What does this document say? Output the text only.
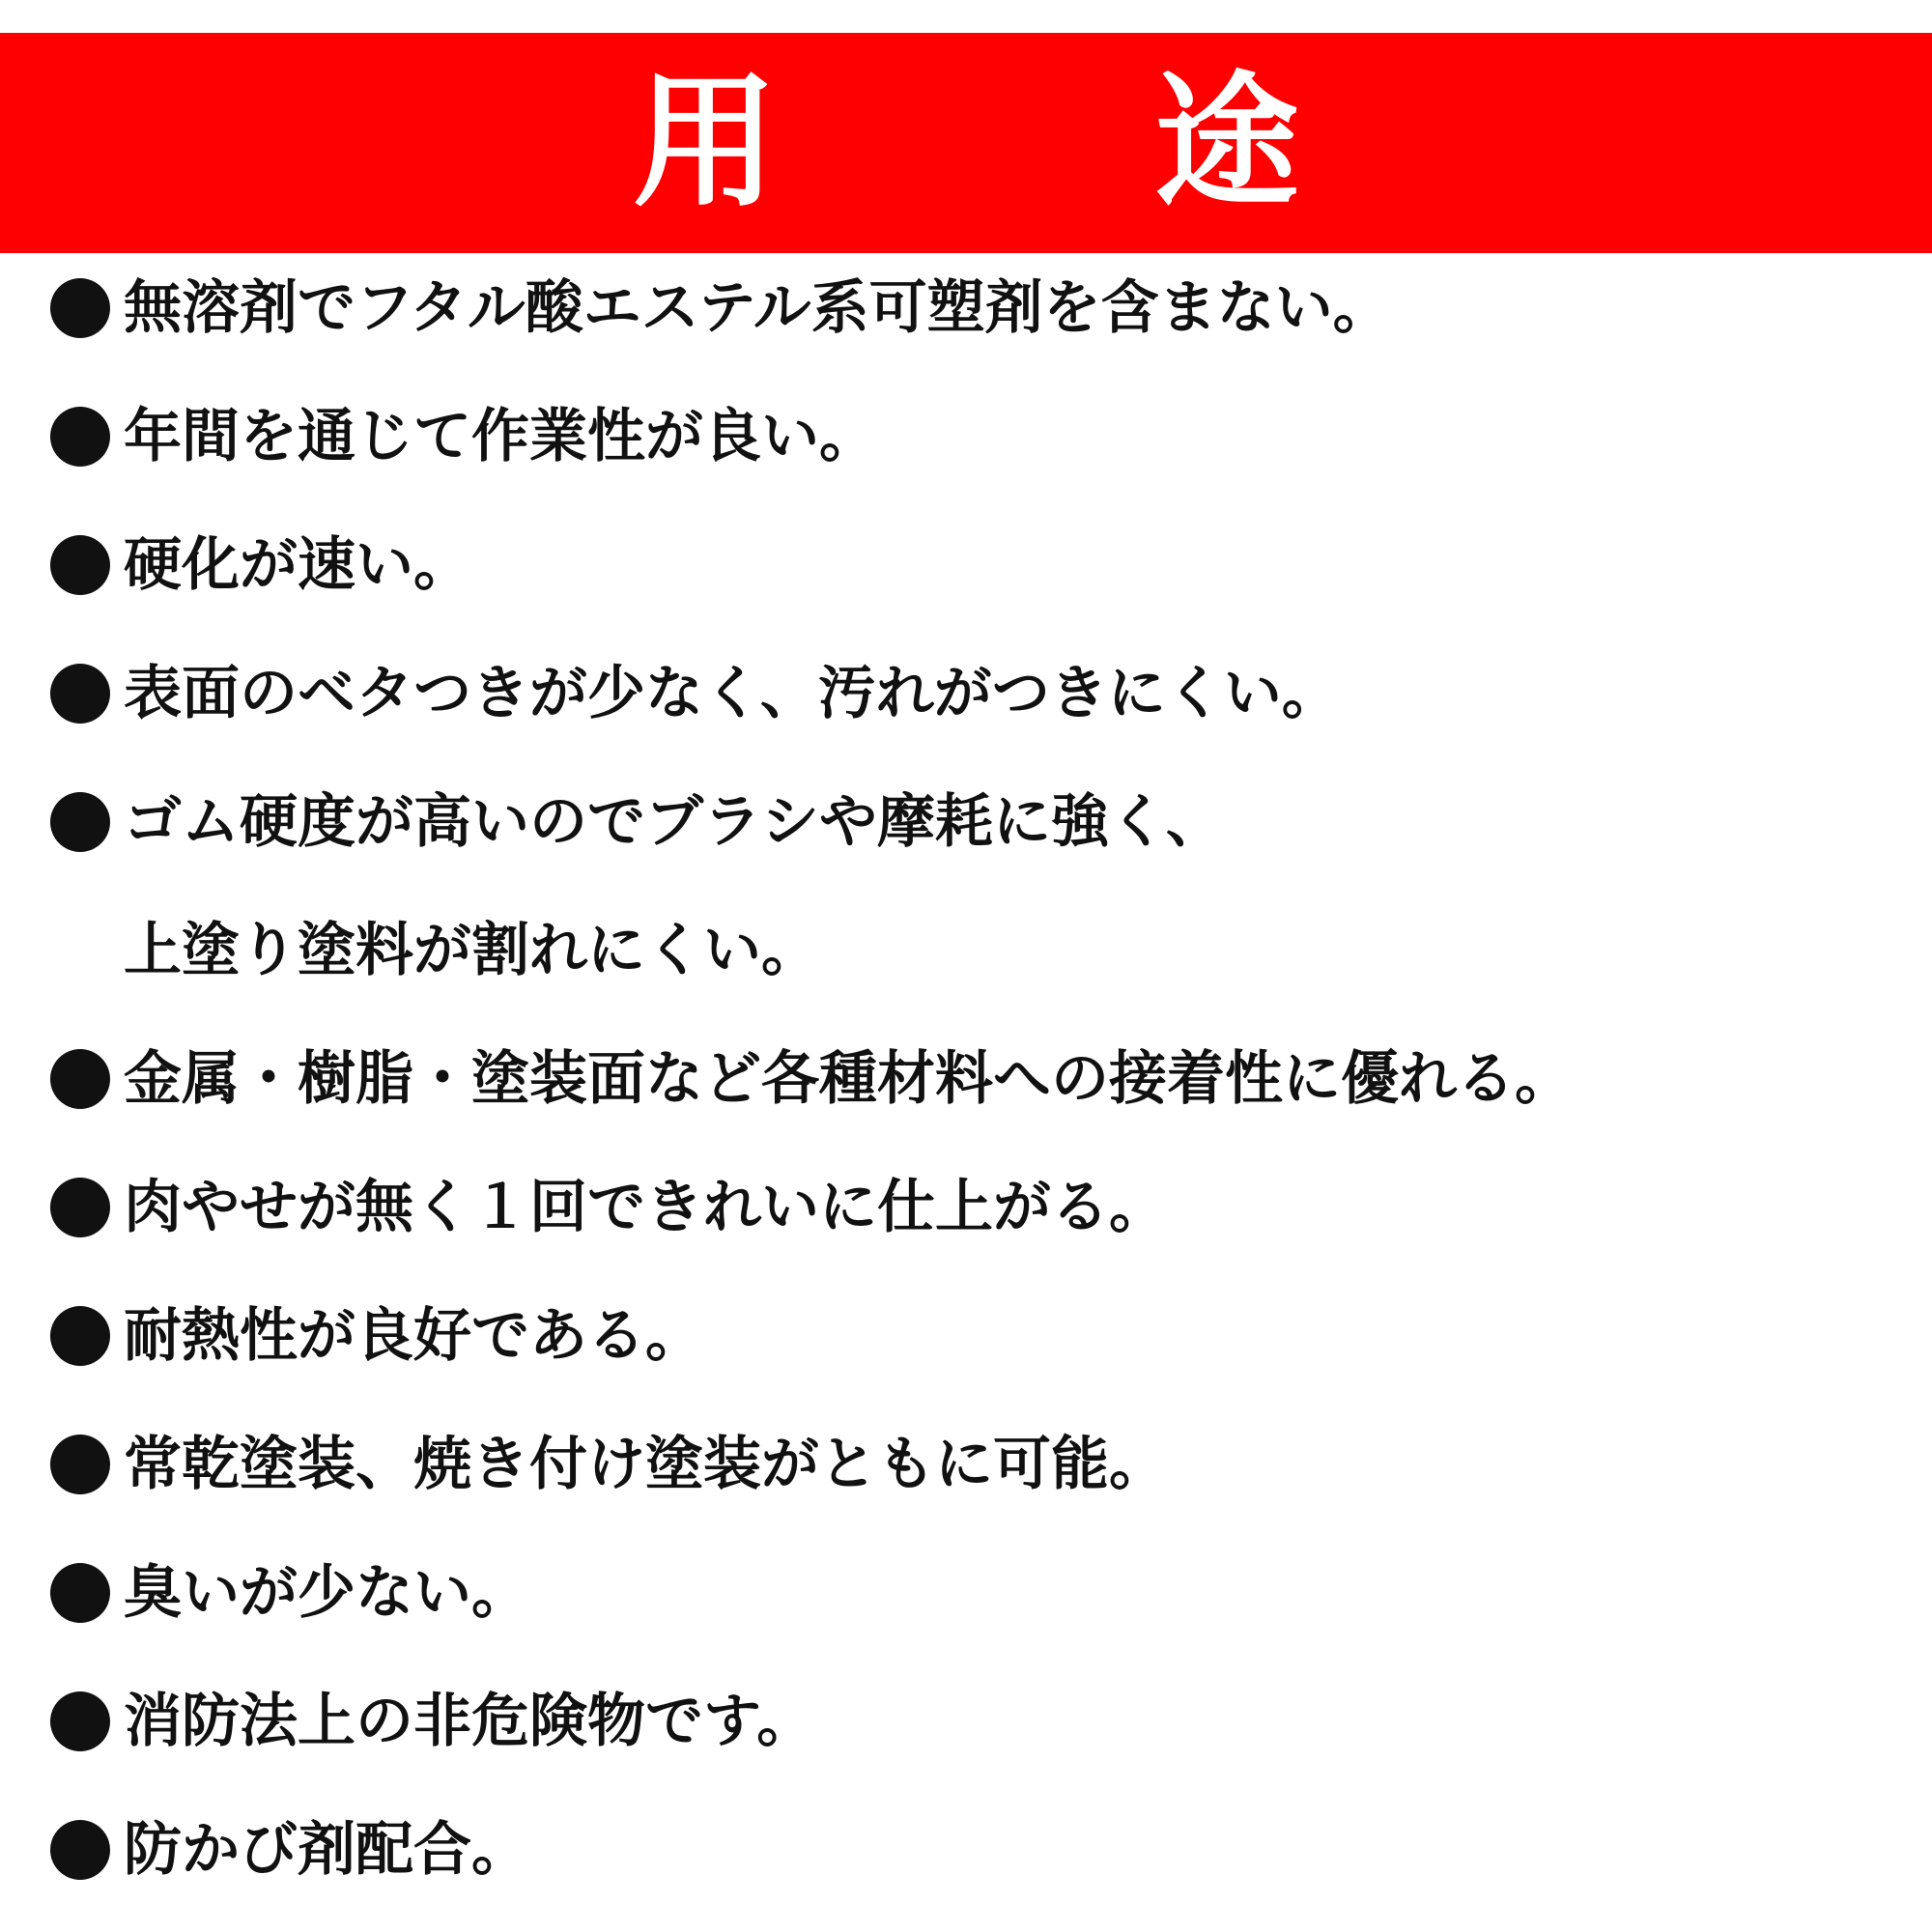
用　途
無溶剤でフタル酸エステル系可塑剤を含まない。
年間を通じて作業性が良い。
硬化が速い。
表面のベタつきが少なく、汚れがつきにくい。
ゴム硬度が高いのでブラシや摩耗に強く、
上塗り塗料が割れにくい。
金属・樹脂・塗装面など各種材料への接着性に優れる。
肉やせが無く１回できれいに仕上がる。
耐熱性が良好である。
常乾塗装、焼き付け塗装がともに可能。
臭いが少ない。
消防法上の非危険物です。
防かび剤配合。
